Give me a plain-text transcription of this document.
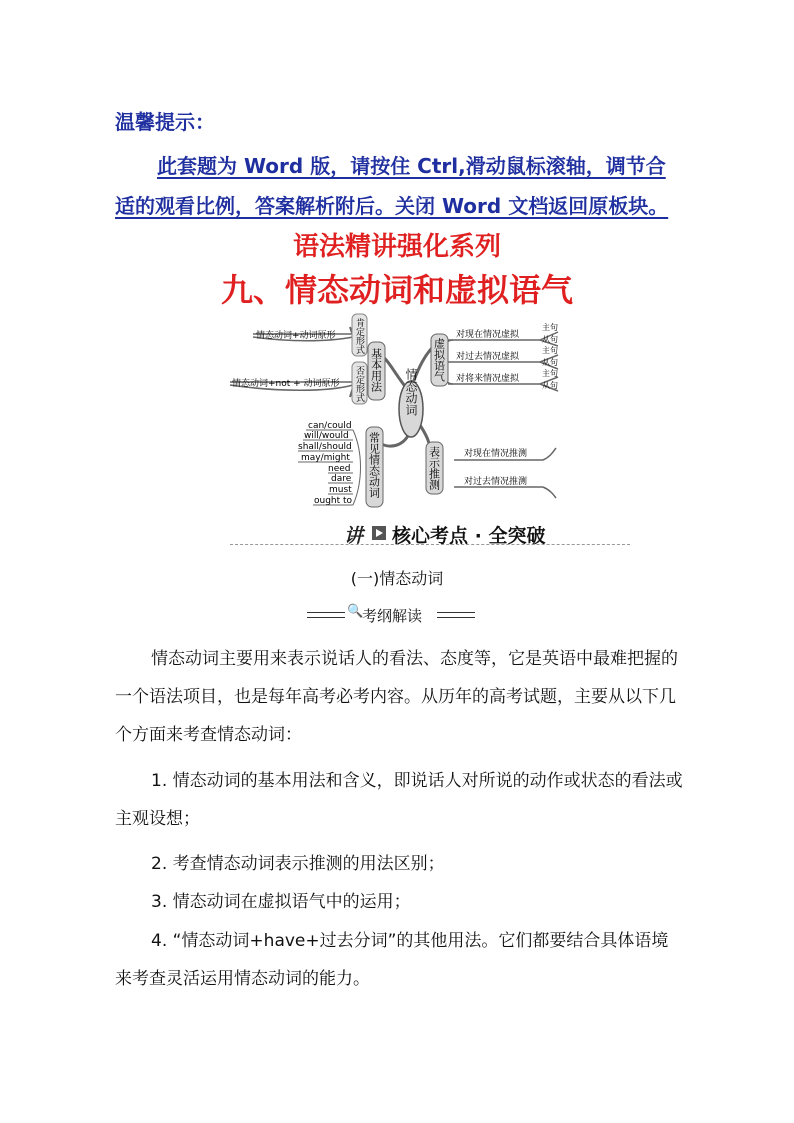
温馨提示：
此套题为 Word 版，请按住 Ctrl,滑动鼠标滚轴，调节合
适的观看比例，答案解析附后。关闭 Word 文档返回原板块。
语法精讲强化系列
九、情态动词和虚拟语气
情态动词
基本用法
肯定形式
否定形式
情态动词+动词原形
情态动词+not + 动词原形
虚拟语气
对现在情况虚拟
对过去情况虚拟
对将来情况虚拟
主句
从句
主句
从句
主句
从句
表示推测	对现在情况推测
对过去情况推测
常见情态动词
can/could
will/would
shall/should
may/might
need
dare
must
ought to
讲 核心考点 · 全突破
(一)情态动词
🔍
考纲解读
情态动词主要用来表示说话人的看法、态度等，它是英语中最难把握的一个语法项目，也是每年高考必考内容。从历年的高考试题，主要从以下几个方面来考查情态动词：
1. 情态动词的基本用法和含义，即说话人对所说的动作或状态的看法或主观设想；
2. 考查情态动词表示推测的用法区别；
3. 情态动词在虚拟语气中的运用；
4. “情态动词+have+过去分词”的其他用法。它们都要结合具体语境来考查灵活运用情态动词的能力。
